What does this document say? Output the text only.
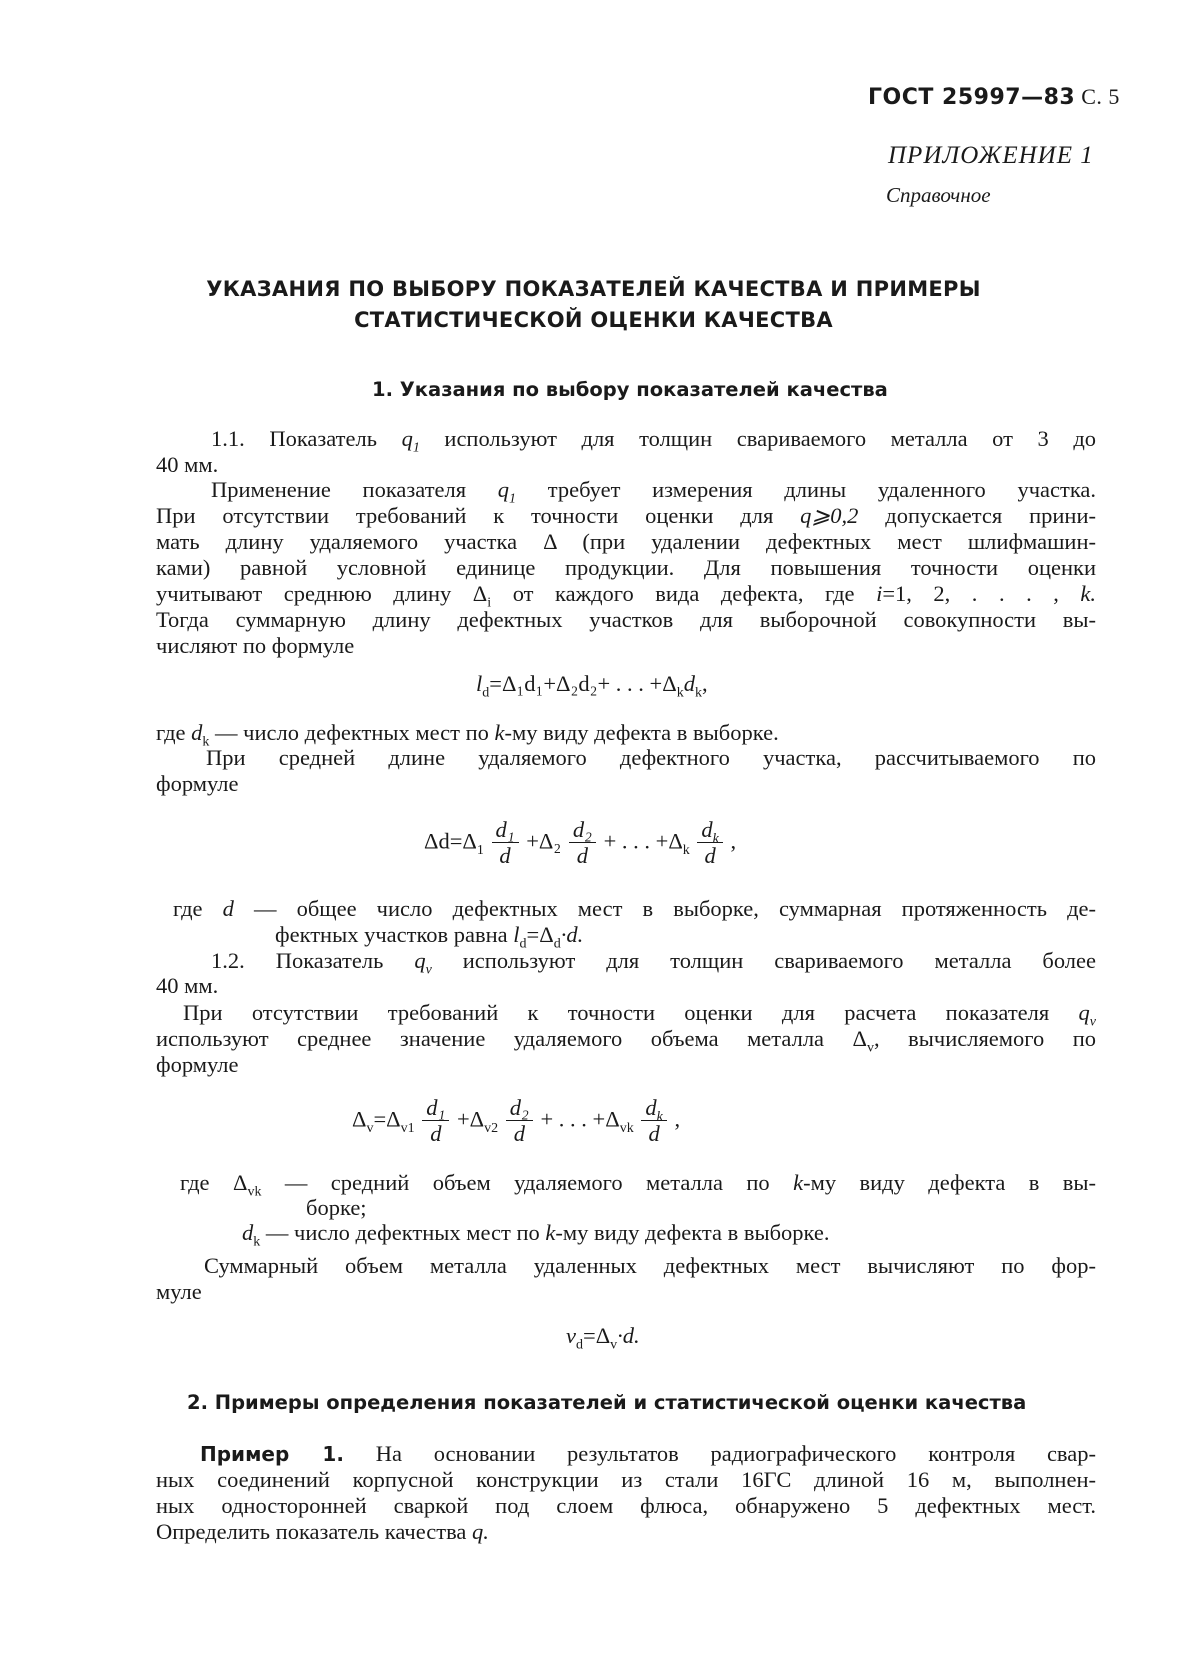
ГОСТ 25997—83 С. 5
ПРИЛОЖЕНИЕ 1
Справочное
УКАЗАНИЯ ПО ВЫБОРУ ПОКАЗАТЕЛЕЙ КАЧЕСТВА И ПРИМЕРЫ
СТАТИСТИЧЕСКОЙ ОЦЕНКИ КАЧЕСТВА
1. Указания по выбору показателей качества
1.1. Показатель $q_1$ используют для толщин свариваемого металла от 3 до
40 мм.
Применение показателя $q_1$ требует измерения длины удаленного участка.
При отсутствии требований к точности оценки для q⩾0,2 допускается прини-
мать длину удаляемого участка Δ (при удалении дефектных мест шлифмашин-
ками) равной условной единице продукции. Для повышения точности оценки
учитывают среднюю длину $\Delta_i$ от каждого вида дефекта, где i=1, 2, . . . , k.
Тогда суммарную длину дефектных участков для выборочной совокупности вы-
числяют по формуле
$l_d=\Delta_1d_1+\Delta_2d_2+$ . . . $+\Delta_kd_k$,
где $d_k$ — число дефектных мест по k-му виду дефекта в выборке.
При средней длине удаляемого дефектного участка, рассчитываемого по
формуле
$\Delta d=\Delta_1 \frac{\text{d₁}}{d} +\Delta_2 \frac{\text{d₂}}{d}$ + . . . $+\Delta_k \frac{d_k}{d}$ ,
где d — общее число дефектных мест в выборке, суммарная протяженность де-
фектных участков равна $l_d=\Delta_d\cdot d$.
1.2. Показатель $q_v$ используют для толщин свариваемого металла более
40 мм.
При отсутствии требований к точности оценки для расчета показателя $q_v$
используют среднее значение удаляемого объема металла $\Delta_v$, вычисляемого по
формуле
$\Delta_v=\Delta_{v1} \frac{\text{d₁}}{d} +\Delta_{v2} \frac{\text{d₂}}{d}$ + . . . $+\Delta_{vk} \frac{d_k}{d}$ ,
где $\Delta_{vk}$ — средний объем удаляемого металла по k-му виду дефекта в вы-
борке;
$d_k$ — число дефектных мест по k-му виду дефекта в выборке.
Суммарный объем металла удаленных дефектных мест вычисляют по фор-
муле
$v_d=\Delta_v\cdot d$.
2. Примеры определения показателей и статистической оценки качества
Пример 1. На основании результатов радиографического контроля свар-
ных соединений корпусной конструкции из стали 16ГС длиной 16 м, выполнен-
ных односторонней сваркой под слоем флюса, обнаружено 5 дефектных мест.
Определить показатель качества q.
